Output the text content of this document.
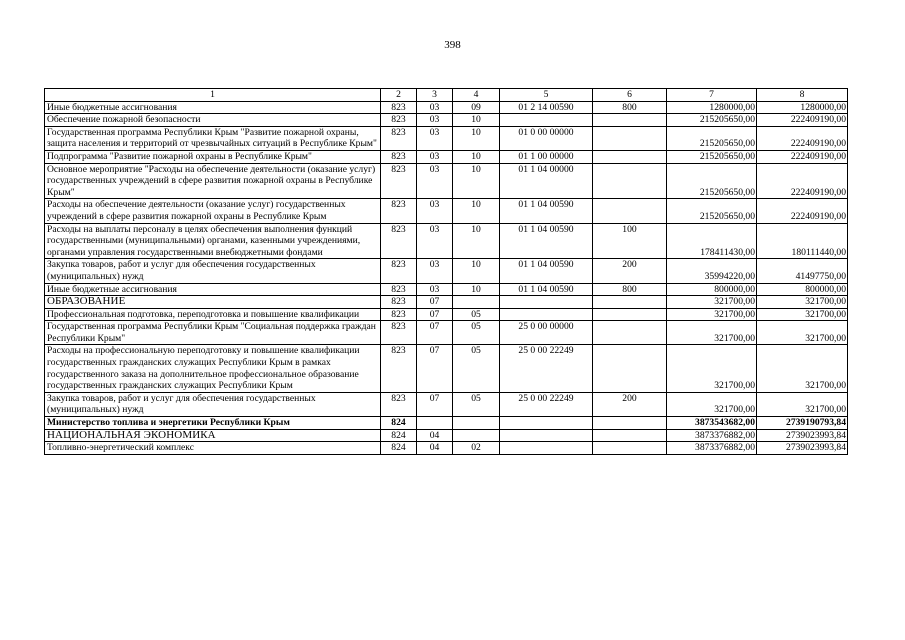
398
1	2	3	4	5	6	7	8
Иные бюджетные ассигнования	823	03	09	01 2 14 00590	800	1280000,00	1280000,00
Обеспечение пожарной безопасности	823	03	10			215205650,00	222409190,00
Государственная программа Республики Крым "Развитие пожарной охраны, защита населения и территорий от чрезвычайных ситуаций в Республике Крым"	823	03	10	01 0 00 00000		215205650,00	222409190,00
Подпрограмма "Развитие пожарной охраны в Республике Крым"	823	03	10	01 1 00 00000		215205650,00	222409190,00
Основное мероприятие "Расходы на обеспечение деятельности (оказание услуг) государственных учреждений в сфере развития пожарной охраны в Республике Крым"	823	03	10	01 1 04 00000		215205650,00	222409190,00
Расходы на обеспечение деятельности (оказание услуг) государственных учреждений в сфере развития пожарной охраны в Республике Крым	823	03	10	01 1 04 00590		215205650,00	222409190,00
Расходы на выплаты персоналу в целях обеспечения выполнения функций государственными (муниципальными) органами, казенными учреждениями, органами управления государственными внебюджетными фондами	823	03	10	01 1 04 00590	100	178411430,00	180111440,00
Закупка товаров, работ и услуг для обеспечения государственных (муниципальных) нужд	823	03	10	01 1 04 00590	200	35994220,00	41497750,00
Иные бюджетные ассигнования	823	03	10	01 1 04 00590	800	800000,00	800000,00
ОБРАЗОВАНИЕ	823	07				321700,00	321700,00
Профессиональная подготовка, переподготовка и повышение квалификации	823	07	05			321700,00	321700,00
Государственная программа Республики Крым "Социальная поддержка граждан Республики Крым"	823	07	05	25 0 00 00000		321700,00	321700,00
Расходы на профессиональную переподготовку и повышение квалификации государственных гражданских служащих Республики Крым в рамках государственного заказа на дополнительное профессиональное образование государственных гражданских служащих Республики Крым	823	07	05	25 0 00 22249		321700,00	321700,00
Закупка товаров, работ и услуг для обеспечения государственных (муниципальных) нужд	823	07	05	25 0 00 22249	200	321700,00	321700,00
Министерство топлива и энергетики Республики Крым	824					3873543682,00	2739190793,84
НАЦИОНАЛЬНАЯ ЭКОНОМИКА	824	04				3873376882,00	2739023993,84
Топливно-энергетический комплекс	824	04	02			3873376882,00	2739023993,84
